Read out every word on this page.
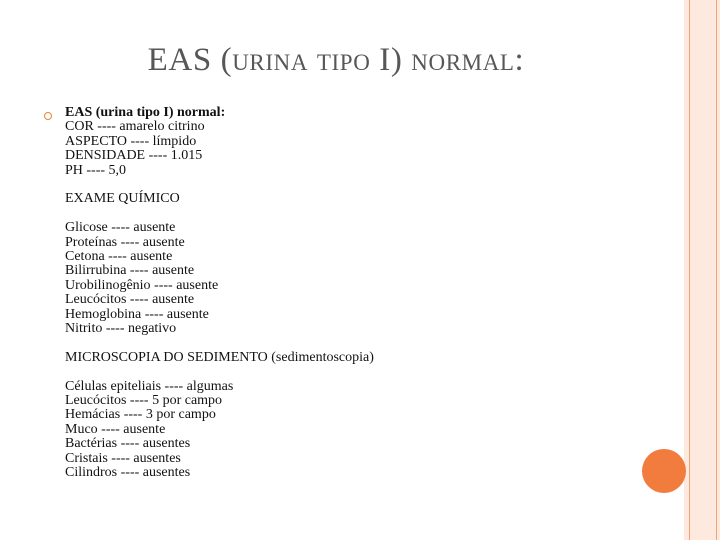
EAS (urina tipo I) normal:
EAS (urina tipo I) normal:
COR ---- amarelo citrino
ASPECTO ---- límpido
DENSIDADE ---- 1.015
PH ---- 5,0
EXAME QUÍMICO
Glicose ---- ausente
Proteínas ---- ausente
Cetona ---- ausente
Bilirrubina ---- ausente
Urobilinogênio ---- ausente
Leucócitos ---- ausente
Hemoglobina ---- ausente
Nitrito ---- negativo
MICROSCOPIA DO SEDIMENTO (sedimentoscopia)
Células epiteliais ---- algumas
Leucócitos ---- 5 por campo
Hemácias ---- 3 por campo
Muco ---- ausente
Bactérias ---- ausentes
Cristais ---- ausentes
Cilindros ---- ausentes
